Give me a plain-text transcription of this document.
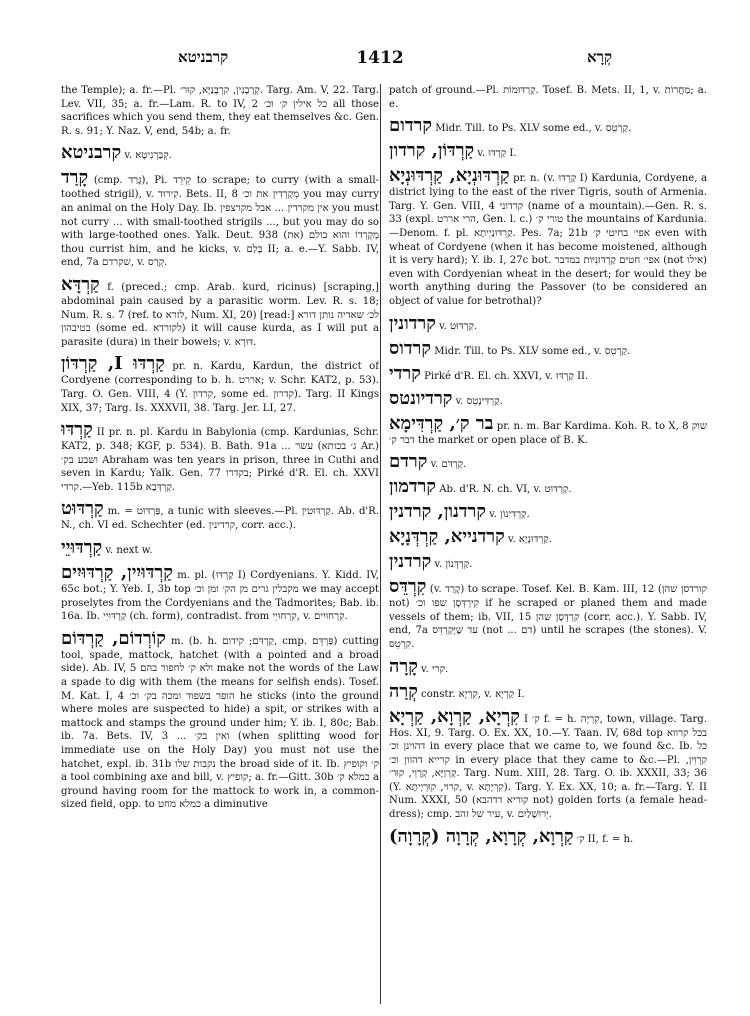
קרבניטא	1412	קְרָא
the Temple); a. fr.—Pl. קְרָבָנִין, קִרְבָּנַיָּא, קוּר׳. Targ. Am. V, 22. Targ. Lev. VII, 35; a. fr.—Lam. R. to IV, 2 כל אילין ק׳ וכ׳ all those sacrifices which you send them, they eat themselves &c. Gen. R. s. 91; Y. Naz. V, end, 54b; a. fr.
קרבניטא v. קְבַרְנִיטָא.
קָרַד (cmp. גָּרַד), Pi. קֵירֵד to scrape; to curry (with a small-toothed strigil), v. קִירוּד. Bets. II, 8 מְקָרְדִין את וכ׳ you may curry an animal on the Holy Day. Ib. אין מקרדין ... אבל מקרצפין you must not curry ... with small-toothed strigils ..., but you may do so with large-toothed ones. Yalk. Deut. 938 (את) מְקָרְדוֹ והוא בולם thou currist him, and he kicks, v. בָּלַם II; a. e.—Y. Sabb. IV, end, 7a שקרדם, v. קְרַס.
קַרְדָּא f. (preced.; cmp. Arab. kurd, ricinus) [scraping,] abdominal pain caused by a parasitic worm. Lev. R. s. 18; Num. R. s. 7 (ref. to לזרא, Num. XI, 20) [read:] לכ׳ שאדיה נותן דורא בטיבהון (some ed. לקורדא) it will cause kurda, as I will put a parasite (dura) in their bowels; v. דּוּרָא.
קַרְדּוּ I, קַרְדּוֹן pr. n. Kardu, Kardun, the district of Cordyene (corresponding to b. h. אררט; v. Schr. KAT2, p. 53). Targ. O. Gen. VIII, 4 (Y. קרדון, some ed. קדרון). Targ. II Kings XIX, 37; Targ. Is. XXXVII, 38. Targ. Jer. LI, 27.
קַרְדּוּ II pr. n. pl. Kardu in Babylonia (cmp. Kardunias, Schr. KAT2, p. 348; KGF, p. 534). B. Bath. 91a ... עשר (ג׳ בכותא Ar.) ושבע בק׳ Abraham was ten years in prison, three in Cuthi and seven in Kardu; Yalk. Gen. 77 בקדרו; Pirké d'R. El. ch. XXVI קרדי.—Yeb. 115b קַרְדְּבָא.
קַרְדּוּט m. = פַּרְדּוּט, a tunic with sleeves.—Pl. קַרְדּוּטִין. Ab. d'R. N., ch. VI ed. Schechter (ed. קרדינין, corr. acc.).
קַרְדּוּיֵי v. next w.
קַרְדּוּיִין, קַרְדּוּיִים m. pl. (קַרְדּוּ I) Cordyenians. Y. Kidd. IV, 65c bot.; Y. Yeb. I, 3b top מקבלין גרים מן הק׳ ומן וכ׳ we may accept proselytes from the Cordyenians and the Tadmorites; Bab. ib. 16a. Ib. קַרְדּוּיֵי (ch. form), contradist. from קִרְחוּיֵי, v. קִרְחוּיִים.
קוֹרְדוֹם, קַרְדּוֹם m. (b. h. קַרְדֹּם; קידום, cmp. פַּרְדֵּם) cutting tool, spade, mattock, hatchet (with a pointed and a broad side). Ab. IV, 5 ולא ק׳ לחפור בהם make not the words of the Law a spade to dig with them (the means for selfish ends). Tosef. M. Kat. I, 4 הופר בשפוד ומכה בק׳ וכ׳ he sticks (into the ground where moles are suspected to hide) a spit, or strikes with a mattock and stamps the ground under him; Y. ib. I, 80c; Bab. ib. 7a. Bets. IV, 3 ... ואין בק׳ (when splitting wood for immediate use on the Holy Day) you must not use the hatchet, expl. ib. 31b נקבות שלו the broad side of it. Ib. ק׳ וקופיץ a tool combining axe and bill, v. קופיץ; a. fr.—Gitt. 30b כמלא ק׳ a ground having room for the mattock to work in, a common-sized field, opp. to כמלא מחט a diminutive
patch of ground.—Pl. קַרְדּוּמוֹת. Tosef. B. Mets. II, 1, v. מַחֲרוֹת; a. e.
קרדום Midr. Till. to Ps. XLV some ed., v. קַרְטֵס.
קַרְדּוֹן, קרדון v. קַרְדּוּ I.
קַרְדּוּנְיָא, קַרְדּוּנְיָא pr. n. (v. קַרְדּוּ I) Kardunia, Cordyene, a district lying to the east of the river Tigris, south of Armenia. Targ. Y. Gen. VIII, 4 קרדוני (name of a mountain).—Gen. R. s. 33 (expl. הרי אררט, Gen. l. c.) טורי ק׳ the mountains of Kardunia.—Denom. f. pl. קַרְדּוּנַיְיתָא. Pes. 7a; 21b אפי׳ בחיטי ק׳ even with wheat of Cordyene (when it has become moistened, although it is very hard); Y. ib. I, 27c bot. אפי׳ חטים קַרְדּוּנִיּוֹת במדבר (not אילו) even with Cordyenian wheat in the desert; for would they be worth anything during the Passover (to be considered an object of value for betrothal)?
קרדונין v. קַרְדּוּט.
קרדוס Midr. Till. to Ps. XLV some ed., v. קַרְטֵס.
קרדי Pirké d'R. El. ch. XXVI, v. קַרְדּוּ II.
קרדיונטס v. קַרְדִּינָטֵס.
בר ק׳, קַרְדִּימָא pr. n. m. Bar Kardima. Koh. R. to X, 8 שוק דבר ק׳ the market or open place of B. K.
קרדם v. קַרְדֹּם.
קרדמון Ab. d'R. N. ch. VI, v. קַרְדּוּט.
קרדנון, קרדנין v. קַרְדִּינוֹן.
קרדנייא, קַרְדְּנָיָא v. קַרְדּוּנְיָא.
קרדנין v. קַרְדְּנוֹן.
קִרְדֵּס (v. קָרַד) to scrape. Tosef. Kel. B. Kam. III, 12 (קורדסן שהן not) קִירְדְּסָן שפו וכ׳ if he scraped or planed them and made vessels of them; ib. VII, 15 קִרְדְּסָן שהן (corr. acc.). Y. Sabb. IV, end, 7a עד שֶׁיְּקַרְדֵּס (not ... דם) until he scrapes (the stones). V. קִרְטֵס.
קָרָה v. קרי.
קְרַה constr. קִרְיָא, v. קַרְיָא I.
קִרְיָא, קַרְוָא, קַרְיָא I ק׳ f. = h. קִרְיָה, town, village. Targ. Hos. XI, 9. Targ. O. Ex. XX, 10.—Y. Taan. IV, 68d top בכל קרווא דהוינן וכ׳ in every place that we came to, we found &c. Ib. כל קרייא דהוון וכ׳ in every place that they came to &c.—Pl. קִרְוִין, קַרְוַיָּא, קְרָוֵי, קוּר׳. Targ. Num. XIII, 28. Targ. O. ib. XXXII, 33; 36 (Y. קרוי, קוּרְיָיתָא, v. קִרְיָתָא). Targ. Y. Ex. XX, 10; a. fr.—Targ. Y. II Num. XXXI, 50 (קוריא דדהבא not) golden forts (a female head-dress); cmp. עיר של זהב, v. יְרוּשָׁלַיִם.
קַרְוָא, קְרָוָא, קְרָוָה (קְרָוָה) ק׳ II, f. = h.
